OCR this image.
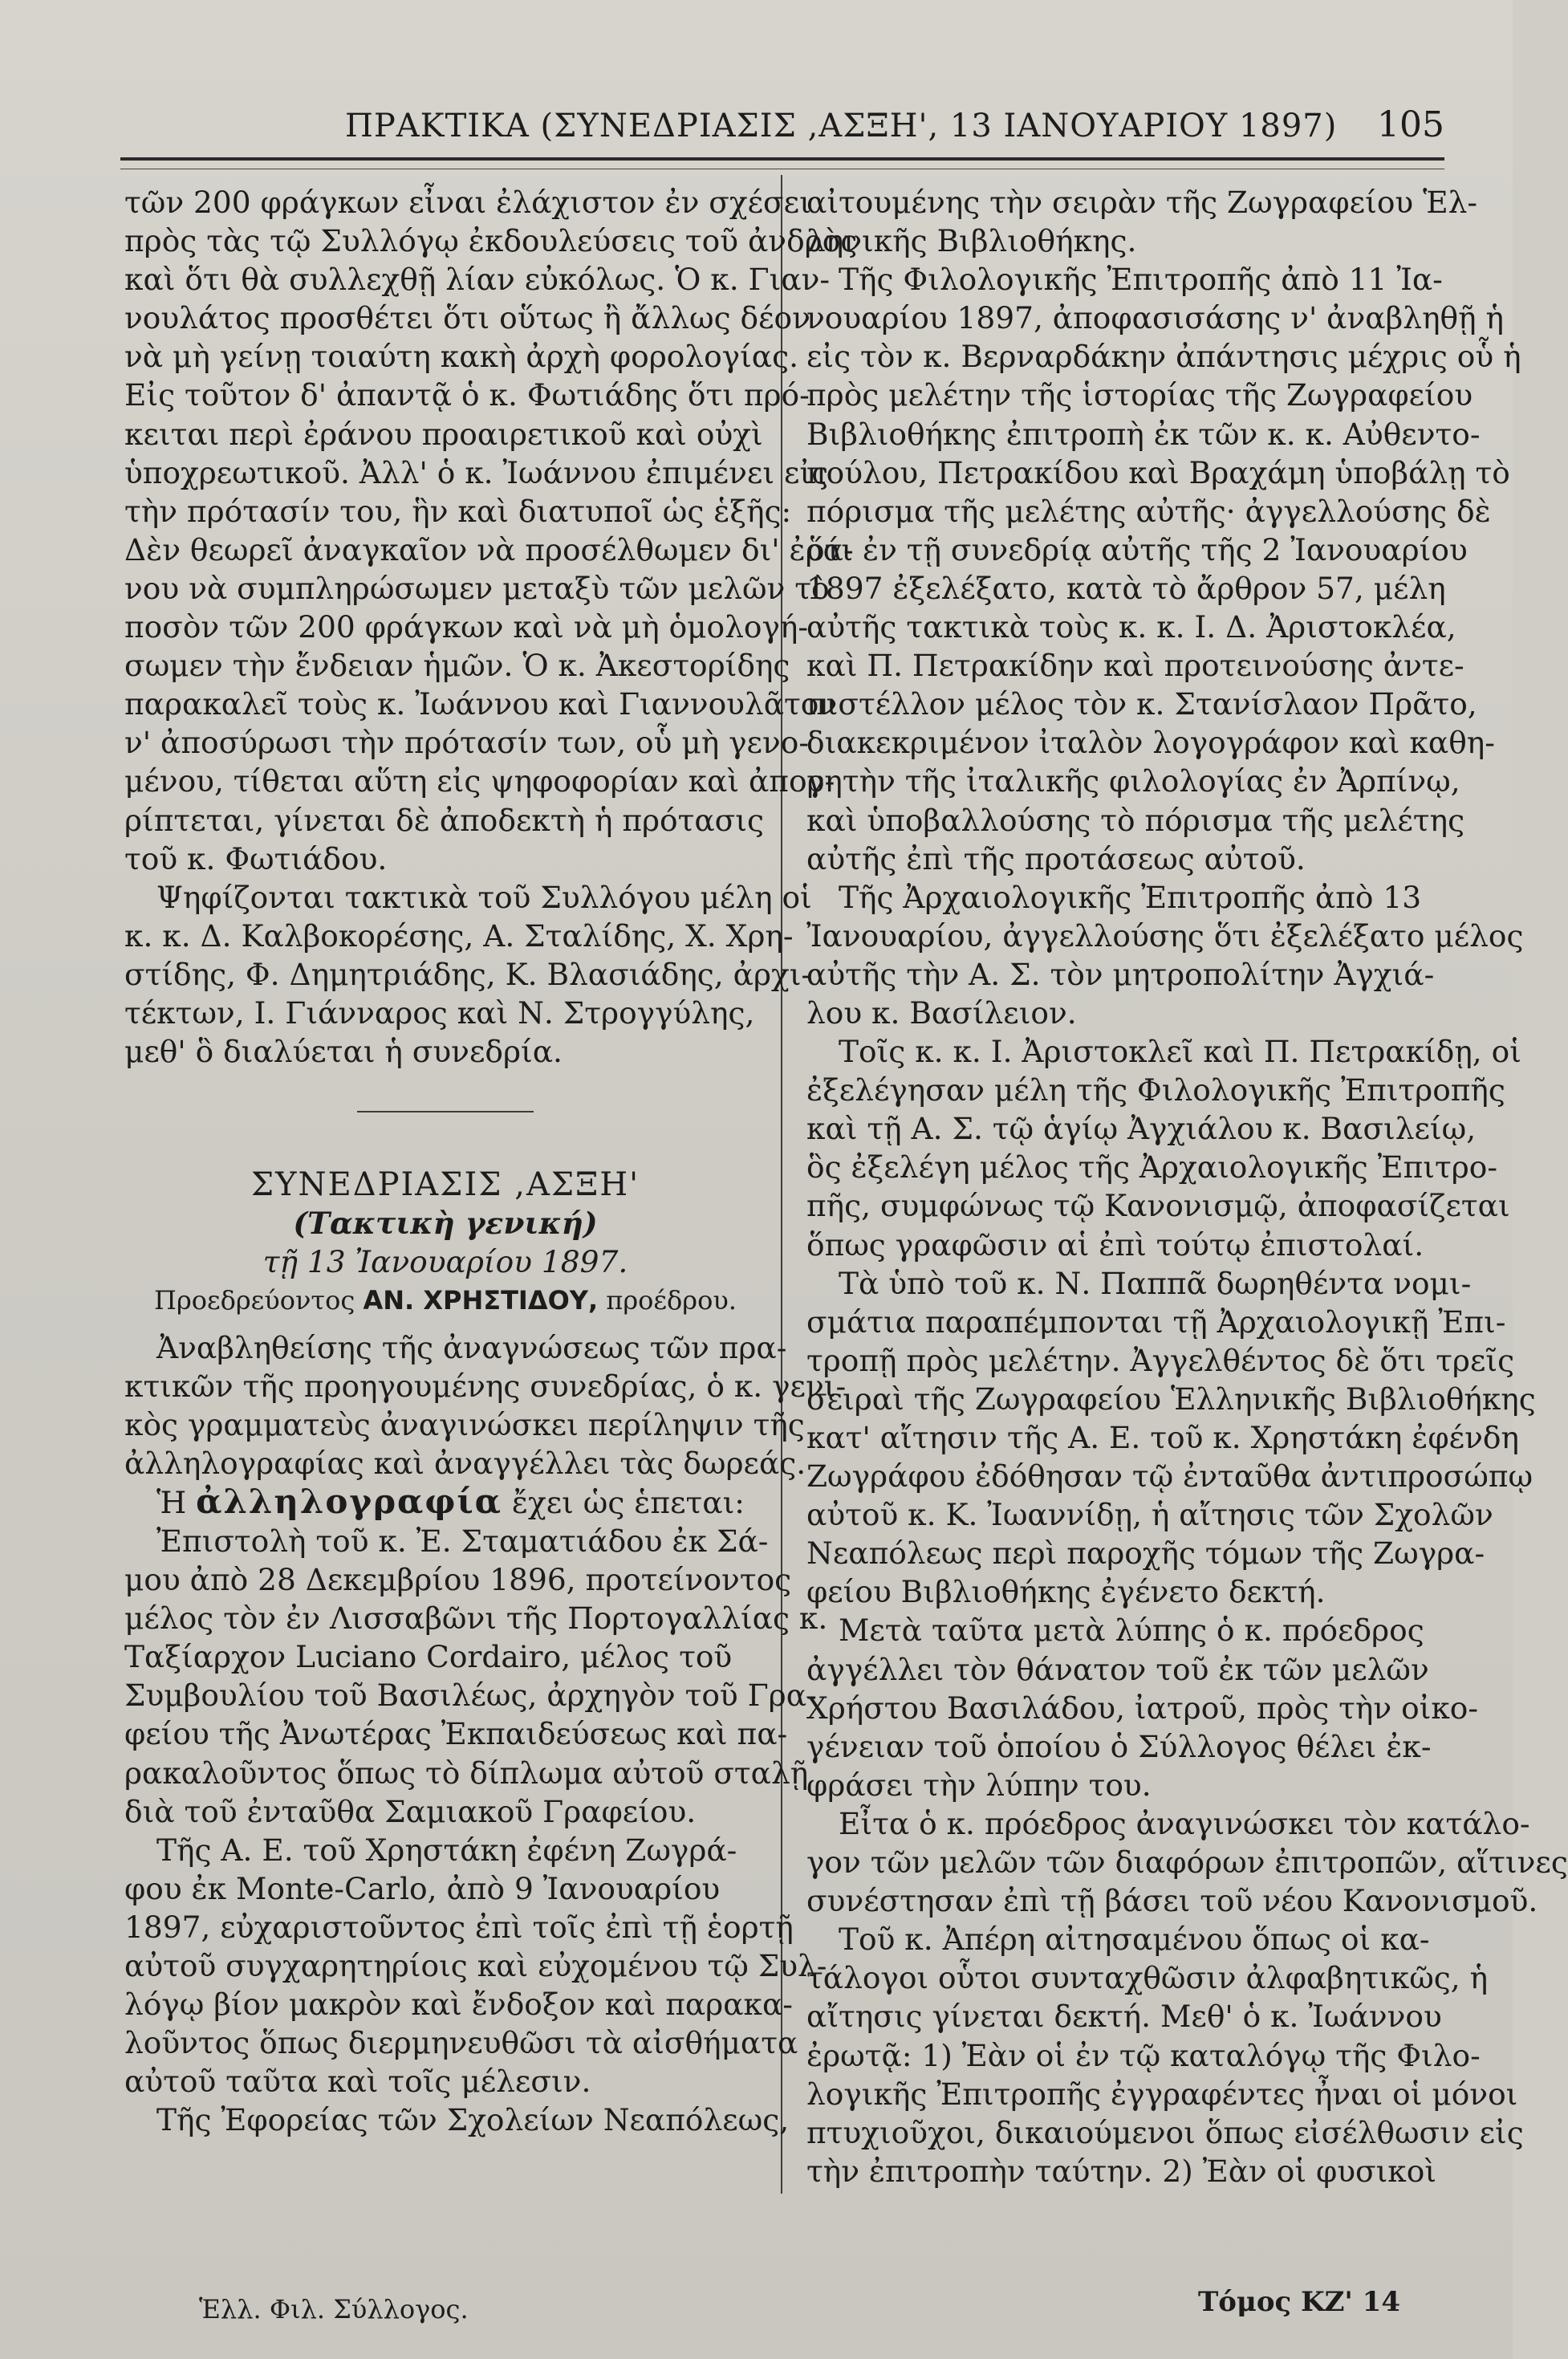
ΠΡΑΚΤΙΚΑ (ΣΥΝΕΔΡΙΑΣΙΣ ,ΑΣΞΗ', 13 ΙΑΝΟΥΑΡΙΟΥ 1897) 105

τῶν 200 φράγκων εἶναι ἐλάχιστον ἐν σχέσει

πρὸς τὰς τῷ Συλλόγῳ ἐκδουλεύσεις τοῦ ἀνδρὸς

καὶ ὅτι θὰ συλλεχθῇ λίαν εὐκόλως. Ὁ κ. Γιαν-

νουλάτος προσθέτει ὅτι οὕτως ἢ ἄλλως δέον

νὰ μὴ γείνῃ τοιαύτη κακὴ ἀρχὴ φορολογίας.

Εἰς τοῦτον δ' ἀπαντᾷ ὁ κ. Φωτιάδης ὅτι πρό-

κειται περὶ ἐράνου προαιρετικοῦ καὶ οὐχὶ

ὑποχρεωτικοῦ. Ἀλλ' ὁ κ. Ἰωάννου ἐπιμένει εἰς

τὴν πρότασίν του, ἣν καὶ διατυποῖ ὡς ἑξῆς:

Δὲν θεωρεῖ ἀναγκαῖον νὰ προσέλθωμεν δι' ἐρά-

νου νὰ συμπληρώσωμεν μεταξὺ τῶν μελῶν τὸ

ποσὸν τῶν 200 φράγκων καὶ νὰ μὴ ὁμολογή-

σωμεν τὴν ἔνδειαν ἡμῶν. Ὁ κ. Ἀκεστορίδης

παρακαλεῖ τοὺς κ. Ἰωάννου καὶ Γιαννουλᾶτον

ν' ἀποσύρωσι τὴν πρότασίν των, οὗ μὴ γενο-

μένου, τίθεται αὕτη εἰς ψηφοφορίαν καὶ ἀπορ-

ρίπτεται, γίνεται δὲ ἀποδεκτὴ ἡ πρότασις

τοῦ κ. Φωτιάδου.

Ψηφίζονται τακτικὰ τοῦ Συλλόγου μέλη οἱ

κ. κ. Δ. Καλβοκορέσης, Α. Σταλίδης, Χ. Χρη-

στίδης, Φ. Δημητριάδης, Κ. Βλασιάδης, ἀρχι-

τέκτων, Ι. Γιάνναρος καὶ Ν. Στρογγύλης,

μεθ' ὃ διαλύεται ἡ συνεδρία.

ΣΥΝΕΔΡΙΑΣΙΣ ,ΑΣΞΗ'

(Τακτικὴ γενική)

τῇ 13 Ἰανουαρίου 1897.

Προεδρεύοντος ΑΝ. ΧΡΗΣΤΙΔΟΥ, προέδρου.

Ἀναβληθείσης τῆς ἀναγνώσεως τῶν πρα-

κτικῶν τῆς προηγουμένης συνεδρίας, ὁ κ. γενι-

κὸς γραμματεὺς ἀναγινώσκει περίληψιν τῆς

ἀλληλογραφίας καὶ ἀναγγέλλει τὰς δωρεάς.

Ἡ ἀλληλογραφία ἔχει ὡς ἑπεται:

Ἐπιστολὴ τοῦ κ. Ἐ. Σταματιάδου ἐκ Σά-

μου ἀπὸ 28 Δεκεμβρίου 1896, προτείνοντος

μέλος τὸν ἐν Λισσαβῶνι τῆς Πορτογαλλίας κ.

Ταξίαρχον Luciano Cordairo, μέλος τοῦ

Συμβουλίου τοῦ Βασιλέως, ἀρχηγὸν τοῦ Γρα-

φείου τῆς Ἀνωτέρας Ἐκπαιδεύσεως καὶ πα-

ρακαλοῦντος ὅπως τὸ δίπλωμα αὐτοῦ σταλῇ

διὰ τοῦ ἐνταῦθα Σαμιακοῦ Γραφείου.

Τῆς Α. Ε. τοῦ Χρηστάκη ἐφένη Ζωγρά-

φου ἐκ Monte-Carlo, ἀπὸ 9 Ἰανουαρίου

1897, εὐχαριστοῦντος ἐπὶ τοῖς ἐπὶ τῇ ἑορτῇ

αὐτοῦ συγχαρητηρίοις καὶ εὐχομένου τῷ Συλ-

λόγῳ βίον μακρὸν καὶ ἔνδοξον καὶ παρακα-

λοῦντος ὅπως διερμηνευθῶσι τὰ αἰσθήματα

αὐτοῦ ταῦτα καὶ τοῖς μέλεσιν.

Τῆς Ἐφορείας τῶν Σχολείων Νεαπόλεως,

αἰτουμένης τὴν σειρὰν τῆς Ζωγραφείου Ἑλ-

ληνικῆς Βιβλιοθήκης.

Τῆς Φιλολογικῆς Ἐπιτροπῆς ἀπὸ 11 Ἰα-

νουαρίου 1897, ἀποφασισάσης ν' ἀναβληθῇ ἡ

εἰς τὸν κ. Βερναρδάκην ἀπάντησις μέχρις οὗ ἡ

πρὸς μελέτην τῆς ἱστορίας τῆς Ζωγραφείου

Βιβλιοθήκης ἐπιτροπὴ ἐκ τῶν κ. κ. Αὐθεντο-

πούλου, Πετρακίδου καὶ Βραχάμη ὑποβάλῃ τὸ

πόρισμα τῆς μελέτης αὐτῆς· ἀγγελλούσης δὲ

ὅτι ἐν τῇ συνεδρίᾳ αὐτῆς τῆς 2 Ἰανουαρίου

1897 ἐξελέξατο, κατὰ τὸ ἄρθρον 57, μέλη

αὐτῆς τακτικὰ τοὺς κ. κ. Ι. Δ. Ἀριστοκλέα,

καὶ Π. Πετρακίδην καὶ προτεινούσης ἀντε-

πιστέλλον μέλος τὸν κ. Στανίσλαον Πρᾶτο,

διακεκριμένον ἰταλὸν λογογράφον καὶ καθη-

γητὴν τῆς ἰταλικῆς φιλολογίας ἐν Ἀρπίνῳ,

καὶ ὑποβαλλούσης τὸ πόρισμα τῆς μελέτης

αὐτῆς ἐπὶ τῆς προτάσεως αὐτοῦ.

Τῆς Ἀρχαιολογικῆς Ἐπιτροπῆς ἀπὸ 13

Ἰανουαρίου, ἀγγελλούσης ὅτι ἐξελέξατο μέλος

αὐτῆς τὴν Α. Σ. τὸν μητροπολίτην Ἀγχιά-

λου κ. Βασίλειον.

Τοῖς κ. κ. Ι. Ἀριστοκλεῖ καὶ Π. Πετρακίδῃ, οἱ

ἐξελέγησαν μέλη τῆς Φιλολογικῆς Ἐπιτροπῆς

καὶ τῇ Α. Σ. τῷ ἁγίῳ Ἀγχιάλου κ. Βασιλείῳ,

ὃς ἐξελέγη μέλος τῆς Ἀρχαιολογικῆς Ἐπιτρο-

πῆς, συμφώνως τῷ Κανονισμῷ, ἀποφασίζεται

ὅπως γραφῶσιν αἱ ἐπὶ τούτῳ ἐπιστολαί.

Τὰ ὑπὸ τοῦ κ. Ν. Παππᾶ δωρηθέντα νομι-

σμάτια παραπέμπονται τῇ Ἀρχαιολογικῇ Ἐπι-

τροπῇ πρὸς μελέτην. Ἀγγελθέντος δὲ ὅτι τρεῖς

σειραὶ τῆς Ζωγραφείου Ἑλληνικῆς Βιβλιοθήκης

κατ' αἴτησιν τῆς Α. Ε. τοῦ κ. Χρηστάκη ἐφένδη

Ζωγράφου ἐδόθησαν τῷ ἐνταῦθα ἀντιπροσώπῳ

αὐτοῦ κ. Κ. Ἰωαννίδῃ, ἡ αἴτησις τῶν Σχολῶν

Νεαπόλεως περὶ παροχῆς τόμων τῆς Ζωγρα-

φείου Βιβλιοθήκης ἐγένετο δεκτή.

Μετὰ ταῦτα μετὰ λύπης ὁ κ. πρόεδρος

ἀγγέλλει τὸν θάνατον τοῦ ἐκ τῶν μελῶν

Χρήστου Βασιλάδου, ἰατροῦ, πρὸς τὴν οἰκο-

γένειαν τοῦ ὁποίου ὁ Σύλλογος θέλει ἐκ-

φράσει τὴν λύπην του.

Εἶτα ὁ κ. πρόεδρος ἀναγινώσκει τὸν κατάλο-

γον τῶν μελῶν τῶν διαφόρων ἐπιτροπῶν, αἵτινες

συνέστησαν ἐπὶ τῇ βάσει τοῦ νέου Κανονισμοῦ.

Τοῦ κ. Ἀπέρη αἰτησαμένου ὅπως οἱ κα-

τάλογοι οὗτοι συνταχθῶσιν ἀλφαβητικῶς, ἡ

αἴτησις γίνεται δεκτή. Μεθ' ὁ κ. Ἰωάννου

ἐρωτᾷ: 1) Ἐὰν οἱ ἐν τῷ καταλόγῳ τῆς Φιλο-

λογικῆς Ἐπιτροπῆς ἐγγραφέντες ἦναι οἱ μόνοι

πτυχιοῦχοι, δικαιούμενοι ὅπως εἰσέλθωσιν εἰς

τὴν ἐπιτροπὴν ταύτην. 2) Ἐὰν οἱ φυσικοὶ

Ἑλλ. Φιλ. Σύλλογος.	Τόμος ΚΖ' 14
